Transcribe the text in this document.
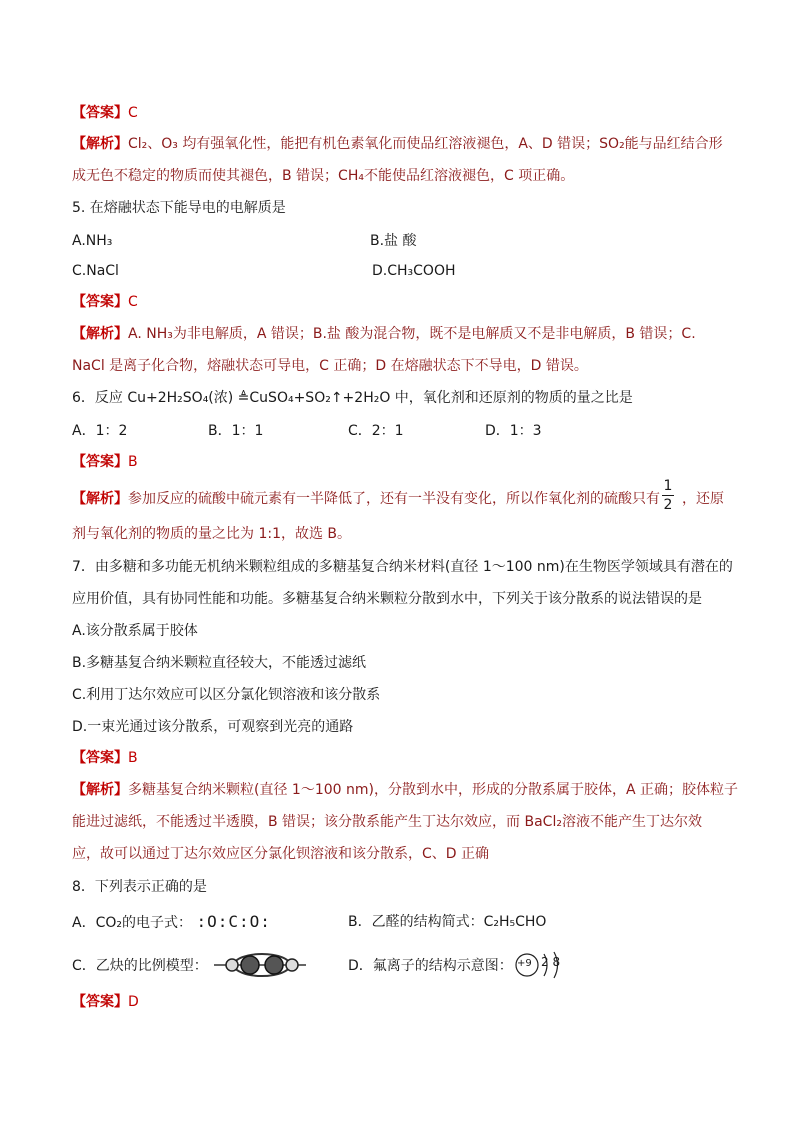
【答案】C
【解析】Cl₂、O₃ 均有强氧化性，能把有机色素氧化而使品红溶液褪色，A、D 错误；SO₂能与品红结合形
成无色不稳定的物质而使其褪色，B 错误；CH₄不能使品红溶液褪色，C 项正确。
5. 在熔融状态下能导电的电解质是
A.NH₃	B.盐 酸
C.NaCl	D.CH₃COOH
【答案】C
【解析】A. NH₃为非电解质，A 错误；B.盐 酸为混合物，既不是电解质又不是非电解质，B 错误；C.
NaCl 是离子化合物，熔融状态可导电，C 正确；D 在熔融状态下不导电，D 错误。
6．反应 Cu+2H₂SO₄(浓) ≜CuSO₄+SO₂↑+2H₂O 中，氧化剂和还原剂的物质的量之比是
A．1：2	B．1：1	C．2：1	D．1：3
【答案】B
【解析】参加反应的硫酸中硫元素有一半降低了，还有一半没有变化，所以作氧化剂的硫酸只有
1
2 ，还原
剂与氧化剂的物质的量之比为 1:1，故选 B。
7．由多糖和多功能无机纳米颗粒组成的多糖基复合纳米材料(直径 1～100 nm)在生物医学领域具有潜在的
应用价值，具有协同性能和功能。多糖基复合纳米颗粒分散到水中，下列关于该分散系的说法错误的是
A.该分散系属于胶体
B.多糖基复合纳米颗粒直径较大，不能透过滤纸
C.利用丁达尔效应可以区分氯化钡溶液和该分散系
D.一束光通过该分散系，可观察到光亮的通路
【答案】B
【解析】多糖基复合纳米颗粒(直径 1～100 nm)，分散到水中，形成的分散系属于胶体，A 正确；胶体粒子
能进过滤纸，不能透过半透膜，B 错误；该分散系能产生丁达尔效应，而 BaCl₂溶液不能产生丁达尔效
应，故可以通过丁达尔效应区分氯化钡溶液和该分散系，C、D 正确
8．下列表示正确的是
A．CO₂的电子式： :O:C:O:	B．乙醛的结构简式：C₂H₅CHO
C．乙炔的比例模型：	D．氟离子的结构示意图： +9 2 8
【答案】D
